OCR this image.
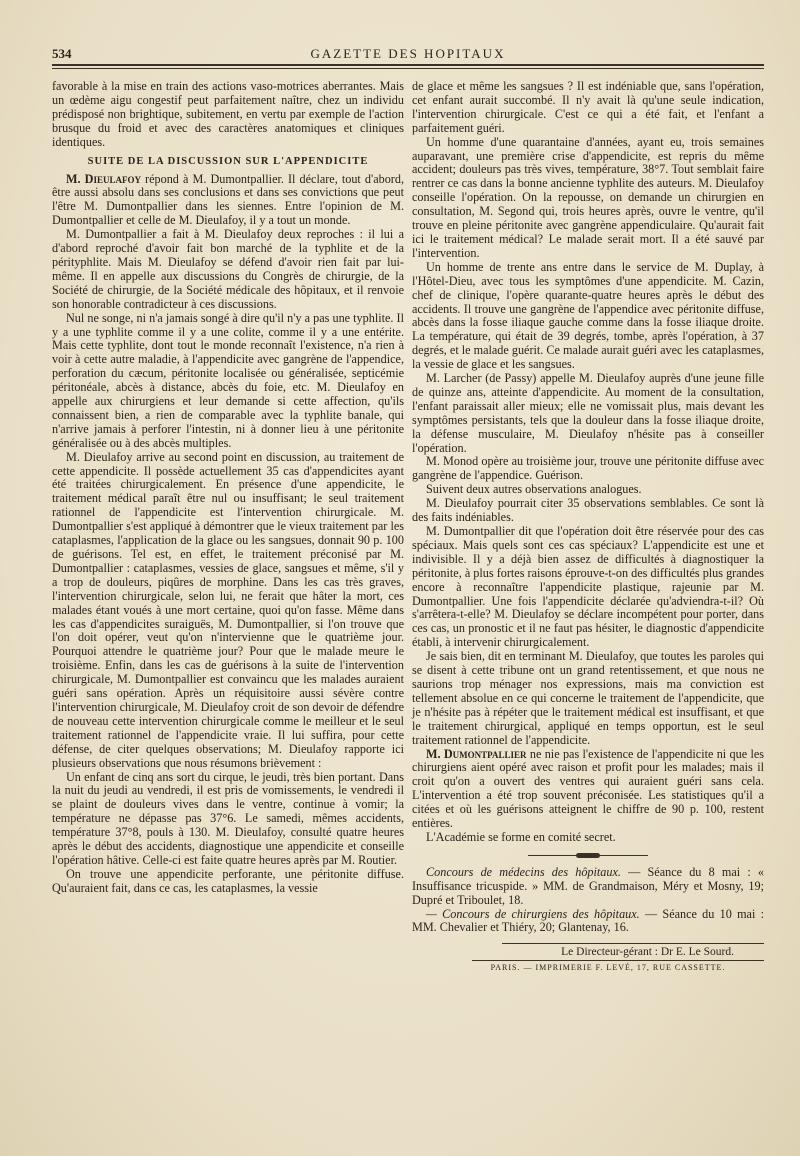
534	GAZETTE DES HOPITAUX

favorable à la mise en train des actions vaso-motrices aberrantes. Mais un œdème aigu congestif peut parfaitement naître, chez un individu prédisposé non brightique, subitement, en vertu par exemple de l'action brusque du froid et avec des caractères anatomiques et cliniques identiques.

SUITE DE LA DISCUSSION SUR L'APPENDICITE

M. Dieulafoy répond à M. Dumontpallier. Il déclare, tout d'abord, être aussi absolu dans ses conclusions et dans ses convictions que peut l'être M. Dumontpallier dans les siennes. Entre l'opinion de M. Dumontpallier et celle de M. Dieulafoy, il y a tout un monde.

M. Dumontpallier a fait à M. Dieulafoy deux reproches : il lui a d'abord reproché d'avoir fait bon marché de la typhlite et de la pérityphlite. Mais M. Dieulafoy se défend d'avoir rien fait par lui-même. Il en appelle aux discussions du Congrès de chirurgie, de la Société de chirurgie, de la Société médicale des hôpitaux, et il renvoie son honorable contradicteur à ces discussions.

Nul ne songe, ni n'a jamais songé à dire qu'il n'y a pas une typhlite. Il y a une typhlite comme il y a une colite, comme il y a une entérite. Mais cette typhlite, dont tout le monde reconnaît l'existence, n'a rien à voir à cette autre maladie, à l'appendicite avec gangrène de l'appendice, perforation du cæcum, péritonite localisée ou généralisée, septicémie péritonéale, abcès à distance, abcès du foie, etc. M. Dieulafoy en appelle aux chirurgiens et leur demande si cette affection, qu'ils connaissent bien, a rien de comparable avec la typhlite banale, qui n'arrive jamais à perforer l'intestin, ni à donner lieu à une péritonite généralisée ou à des abcès multiples.

M. Dieulafoy arrive au second point en discussion, au traitement de cette appendicite. Il possède actuellement 35 cas d'appendicites ayant été traitées chirurgicalement. En présence d'une appendicite, le traitement médical paraît être nul ou insuffisant; le seul traitement rationnel de l'appendicite est l'intervention chirurgicale. M. Dumontpallier s'est appliqué à démontrer que le vieux traitement par les cataplasmes, l'application de la glace ou les sangsues, donnait 90 p. 100 de guérisons. Tel est, en effet, le traitement préconisé par M. Dumontpallier : cataplasmes, vessies de glace, sangsues et même, s'il y a trop de douleurs, piqûres de morphine. Dans les cas très graves, l'intervention chirurgicale, selon lui, ne ferait que hâter la mort, ces malades étant voués à une mort certaine, quoi qu'on fasse. Même dans les cas d'appendicites suraiguës, M. Dumontpallier, si l'on trouve que l'on doit opérer, veut qu'on n'intervienne que le quatrième jour. Pourquoi attendre le quatrième jour? Pour que le malade meure le troisième. Enfin, dans les cas de guérisons à la suite de l'intervention chirurgicale, M. Dumontpallier est convaincu que les malades auraient guéri sans opération. Après un réquisitoire aussi sévère contre l'intervention chirurgicale, M. Dieulafoy croit de son devoir de défendre de nouveau cette intervention chirurgicale comme le meilleur et le seul traitement rationnel de l'appendicite vraie. Il lui suffira, pour cette défense, de citer quelques observations; M. Dieulafoy rapporte ici plusieurs observations que nous résumons brièvement :

Un enfant de cinq ans sort du cirque, le jeudi, très bien portant. Dans la nuit du jeudi au vendredi, il est pris de vomissements, le vendredi il se plaint de douleurs vives dans le ventre, continue à vomir; la température ne dépasse pas 37°6. Le samedi, mêmes accidents, température 37°8, pouls à 130. M. Dieulafoy, consulté quatre heures après le début des accidents, diagnostique une appendicite et conseille l'opération hâtive. Celle-ci est faite quatre heures après par M. Routier.

On trouve une appendicite perforante, une péritonite diffuse. Qu'auraient fait, dans ce cas, les cataplasmes, la vessie

de glace et même les sangsues ? Il est indéniable que, sans l'opération, cet enfant aurait succombé. Il n'y avait là qu'une seule indication, l'intervention chirurgicale. C'est ce qui a été fait, et l'enfant a parfaitement guéri.

Un homme d'une quarantaine d'années, ayant eu, trois semaines auparavant, une première crise d'appendicite, est repris du même accident; douleurs pas très vives, température, 38°7. Tout semblait faire rentrer ce cas dans la bonne ancienne typhlite des auteurs. M. Dieulafoy conseille l'opération. On la repousse, on demande un chirurgien en consultation, M. Segond qui, trois heures après, ouvre le ventre, qu'il trouve en pleine péritonite avec gangrène appendiculaire. Qu'aurait fait ici le traitement médical? Le malade serait mort. Il a été sauvé par l'intervention.

Un homme de trente ans entre dans le service de M. Duplay, à l'Hôtel-Dieu, avec tous les symptômes d'une appendicite. M. Cazin, chef de clinique, l'opère quarante-quatre heures après le début des accidents. Il trouve une gangrène de l'appendice avec péritonite diffuse, abcès dans la fosse iliaque gauche comme dans la fosse iliaque droite. La température, qui était de 39 degrés, tombe, après l'opération, à 37 degrés, et le malade guérit. Ce malade aurait guéri avec les cataplasmes, la vessie de glace et les sangsues.

M. Larcher (de Passy) appelle M. Dieulafoy auprès d'une jeune fille de quinze ans, atteinte d'appendicite. Au moment de la consultation, l'enfant paraissait aller mieux; elle ne vomissait plus, mais devant les symptômes persistants, tels que la douleur dans la fosse iliaque droite, la défense musculaire, M. Dieulafoy n'hésite pas à conseiller l'opération.

M. Monod opère au troisième jour, trouve une péritonite diffuse avec gangrène de l'appendice. Guérison.

Suivent deux autres observations analogues.

M. Dieulafoy pourrait citer 35 observations semblables. Ce sont là des faits indéniables.

M. Dumontpallier dit que l'opération doit être réservée pour des cas spéciaux. Mais quels sont ces cas spéciaux? L'appendicite est une et indivisible. Il y a déjà bien assez de difficultés à diagnostiquer la péritonite, à plus fortes raisons éprouve-t-on des difficultés plus grandes encore à reconnaître l'appendicite plastique, rajeunie par M. Dumontpallier. Une fois l'appendicite déclarée qu'adviendra-t-il? Où s'arrêtera-t-elle? M. Dieulafoy se déclare incompétent pour porter, dans ces cas, un pronostic et il ne faut pas hésiter, le diagnostic d'appendicite établi, à intervenir chirurgicalement.

Je sais bien, dit en terminant M. Dieulafoy, que toutes les paroles qui se disent à cette tribune ont un grand retentissement, et que nous ne saurions trop ménager nos expressions, mais ma conviction est tellement absolue en ce qui concerne le traitement de l'appendicite, que je n'hésite pas à répéter que le traitement médical est insuffisant, et que le traitement chirurgical, appliqué en temps opportun, est le seul traitement rationnel de l'appendicite.

M. Dumontpallier ne nie pas l'existence de l'appendicite ni que les chirurgiens aient opéré avec raison et profit pour les malades; mais il croit qu'on a ouvert des ventres qui auraient guéri sans cela. L'intervention a été trop souvent préconisée. Les statistiques qu'il a citées et où les guérisons atteignent le chiffre de 90 p. 100, restent entières.

L'Académie se forme en comité secret.

Concours de médecins des hôpitaux. — Séance du 8 mai : « Insuffisance tricuspide. » MM. de Grandmaison, Méry et Mosny, 19; Dupré et Triboulet, 18.

— Concours de chirurgiens des hôpitaux. — Séance du 10 mai : MM. Chevalier et Thiéry, 20; Glantenay, 16.

Le Directeur-gérant : Dr E. Le Sourd.
PARIS. — IMPRIMERIE F. LEVÉ, 17, RUE CASSETTE.
